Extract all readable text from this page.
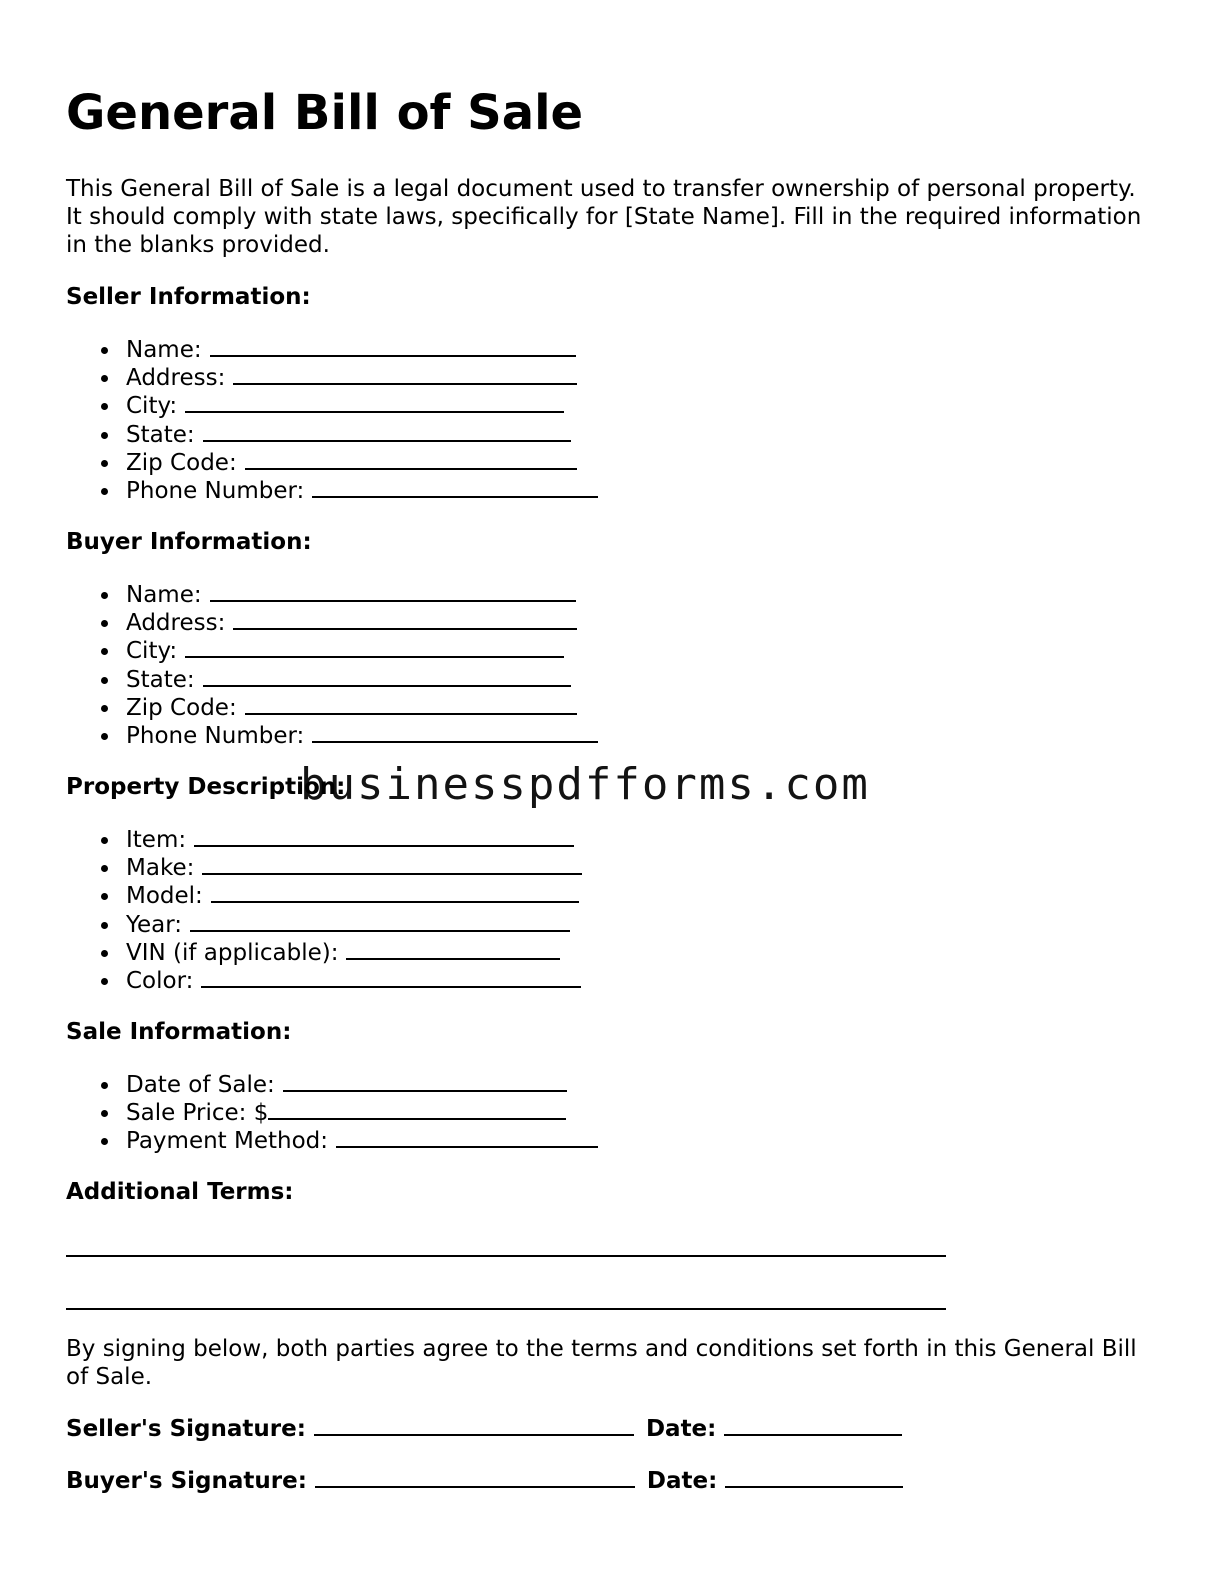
General Bill of Sale

This General Bill of Sale is a legal document used to transfer ownership of personal property. It should comply with state laws, specifically for [State Name]. Fill in the required information in the blanks provided.

Seller Information:
Name:
Address:
City:
State:
Zip Code:
Phone Number:
Buyer Information:
Name:
Address:
City:
State:
Zip Code:
Phone Number:
Property Description:
Item:
Make:
Model:
Year:
VIN (if applicable):
Color:
Sale Information:
Date of Sale:
Sale Price: $
Payment Method:
Additional Terms:

By signing below, both parties agree to the terms and conditions set forth in this General Bill of Sale.

Seller's Signature:	Date:
Buyer's Signature:	Date:
businesspdfforms.com
